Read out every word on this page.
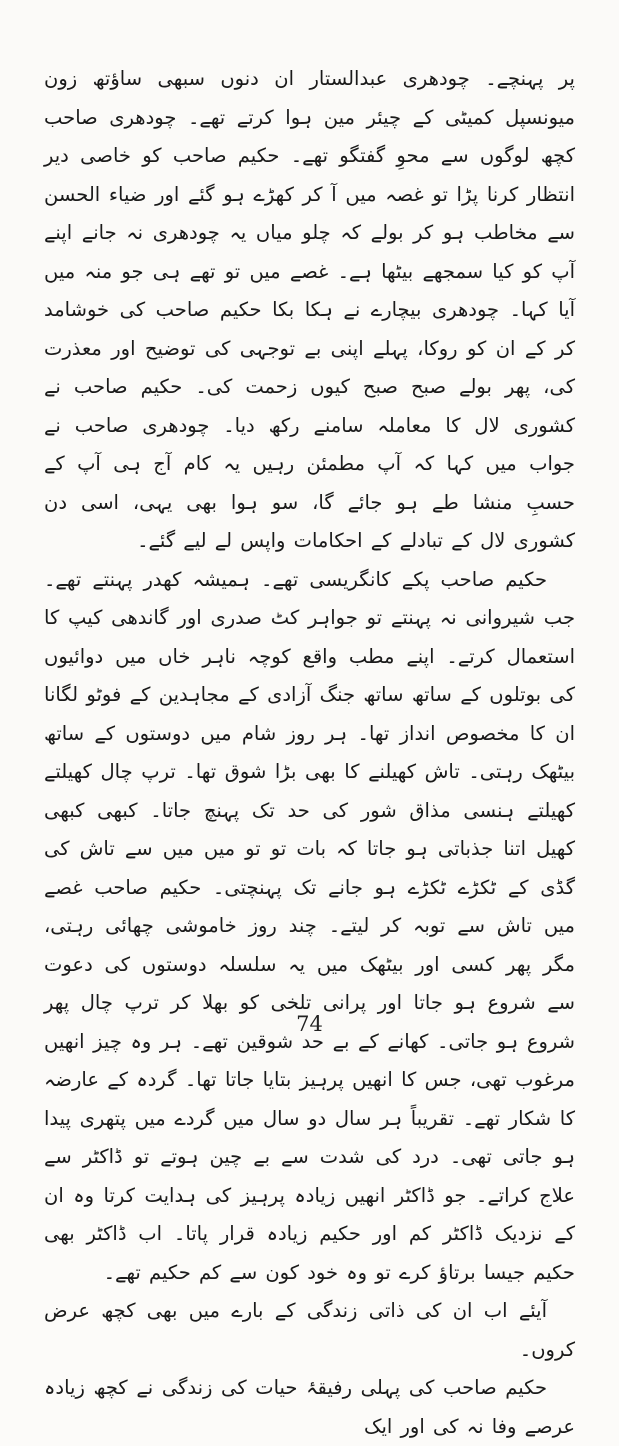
پر پہنچے۔ چودھری عبدالستار ان دنوں سبھی ساؤتھ زون میونسپل کمیٹی کے چیئر مین ہوا کرتے تھے۔ چودھری صاحب کچھ لوگوں سے محوِ گفتگو تھے۔ حکیم صاحب کو خاصی دیر انتظار کرنا پڑا تو غصہ میں آ کر کھڑے ہو گئے اور ضیاء الحسن سے مخاطب ہو کر بولے کہ چلو میاں یہ چودھری نہ جانے اپنے آپ کو کیا سمجھے بیٹھا ہے۔ غصے میں تو تھے ہی جو منہ میں آیا کہا۔ چودھری بیچارے نے ہکا بکا حکیم صاحب کی خوشامد کر کے ان کو روکا، پہلے اپنی بے توجہی کی توضیح اور معذرت کی، پھر بولے صبح صبح کیوں زحمت کی۔ حکیم صاحب نے کشوری لال کا معاملہ سامنے رکھ دیا۔ چودھری صاحب نے جواب میں کہا کہ آپ مطمئن رہیں یہ کام آج ہی آپ کے حسبِ منشا طے ہو جائے گا، سو ہوا بھی یہی، اسی دن کشوری لال کے تبادلے کے احکامات واپس لے لیے گئے۔

حکیم صاحب پکے کانگریسی تھے۔ ہمیشہ کھدر پہنتے تھے۔ جب شیروانی نہ پہنتے تو جواہر کٹ صدری اور گاندھی کیپ کا استعمال کرتے۔ اپنے مطب واقع کوچہ ناہر خاں میں دوائیوں کی بوتلوں کے ساتھ ساتھ جنگ آزادی کے مجاہدین کے فوٹو لگانا ان کا مخصوص انداز تھا۔ ہر روز شام میں دوستوں کے ساتھ بیٹھک رہتی۔ تاش کھیلنے کا بھی بڑا شوق تھا۔ ترپ چال کھیلتے کھیلتے ہنسی مذاق شور کی حد تک پہنچ جاتا۔ کبھی کبھی کھیل اتنا جذباتی ہو جاتا کہ بات تو تو میں میں سے تاش کی گڈی کے ٹکڑے ٹکڑے ہو جانے تک پہنچتی۔ حکیم صاحب غصے میں تاش سے توبہ کر لیتے۔ چند روز خاموشی چھائی رہتی، مگر پھر کسی اور بیٹھک میں یہ سلسلہ دوستوں کی دعوت سے شروع ہو جاتا اور پرانی تلخی کو بھلا کر ترپ چال پھر شروع ہو جاتی۔ کھانے کے بے حد شوقین تھے۔ ہر وہ چیز انھیں مرغوب تھی، جس کا انھیں پرہیز بتایا جاتا تھا۔ گردہ کے عارضہ کا شکار تھے۔ تقریباً ہر سال دو سال میں گردے میں پتھری پیدا ہو جاتی تھی۔ درد کی شدت سے بے چین ہوتے تو ڈاکٹر سے علاج کراتے۔ جو ڈاکٹر انھیں زیادہ پرہیز کی ہدایت کرتا وہ ان کے نزدیک ڈاکٹر کم اور حکیم زیادہ قرار پاتا۔ اب ڈاکٹر بھی حکیم جیسا برتاؤ کرے تو وہ خود کون سے کم حکیم تھے۔

آیئے اب ان کی ذاتی زندگی کے بارے میں بھی کچھ عرض کروں۔

حکیم صاحب کی پہلی رفیقۂ حیات کی زندگی نے کچھ زیادہ عرصے وفا نہ کی اور ایک

74
